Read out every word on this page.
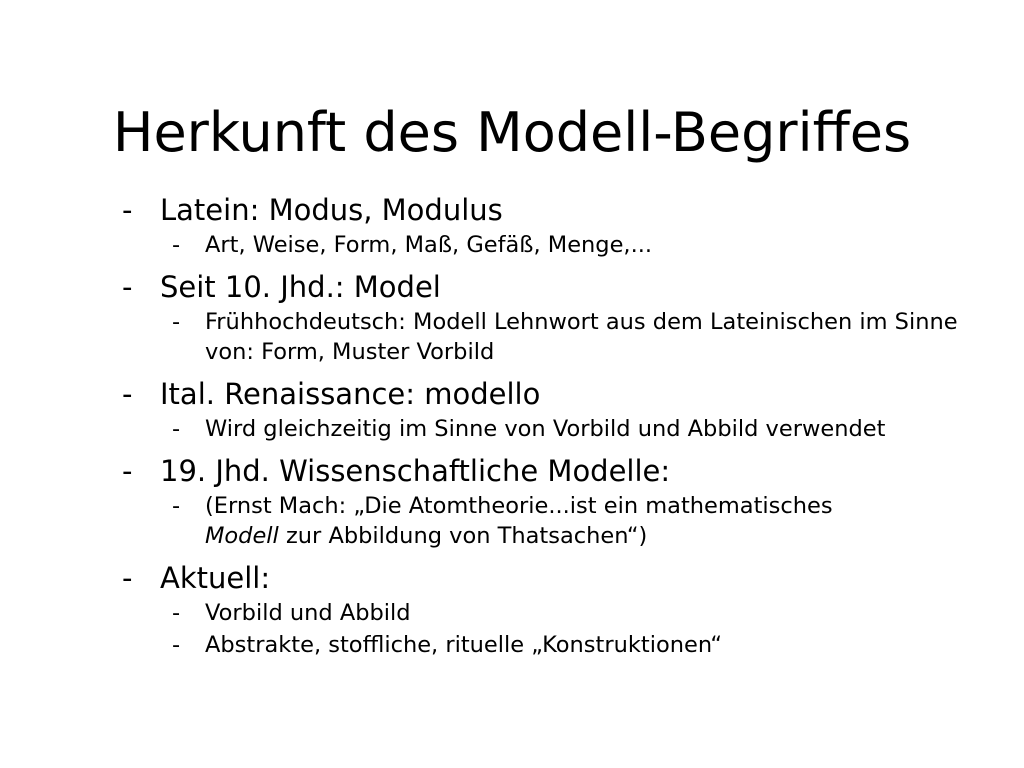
Herkunft des Modell-Begriffes
- Latein: Modus, Modulus
- Art, Weise, Form, Maß, Gefäß, Menge,...
- Seit 10. Jhd.: Model
- Frühhochdeutsch: Modell Lehnwort aus dem Lateinischen im Sinne von: Form, Muster Vorbild
- Ital. Renaissance: modello
- Wird gleichzeitig im Sinne von Vorbild und Abbild verwendet
- 19. Jhd. Wissenschaftliche Modelle:
- (Ernst Mach: „Die Atomtheorie...ist ein mathematisches
Modell zur Abbildung von Thatsachen“)
- Aktuell:
- Vorbild und Abbild
- Abstrakte, stoffliche, rituelle „Konstruktionen“
